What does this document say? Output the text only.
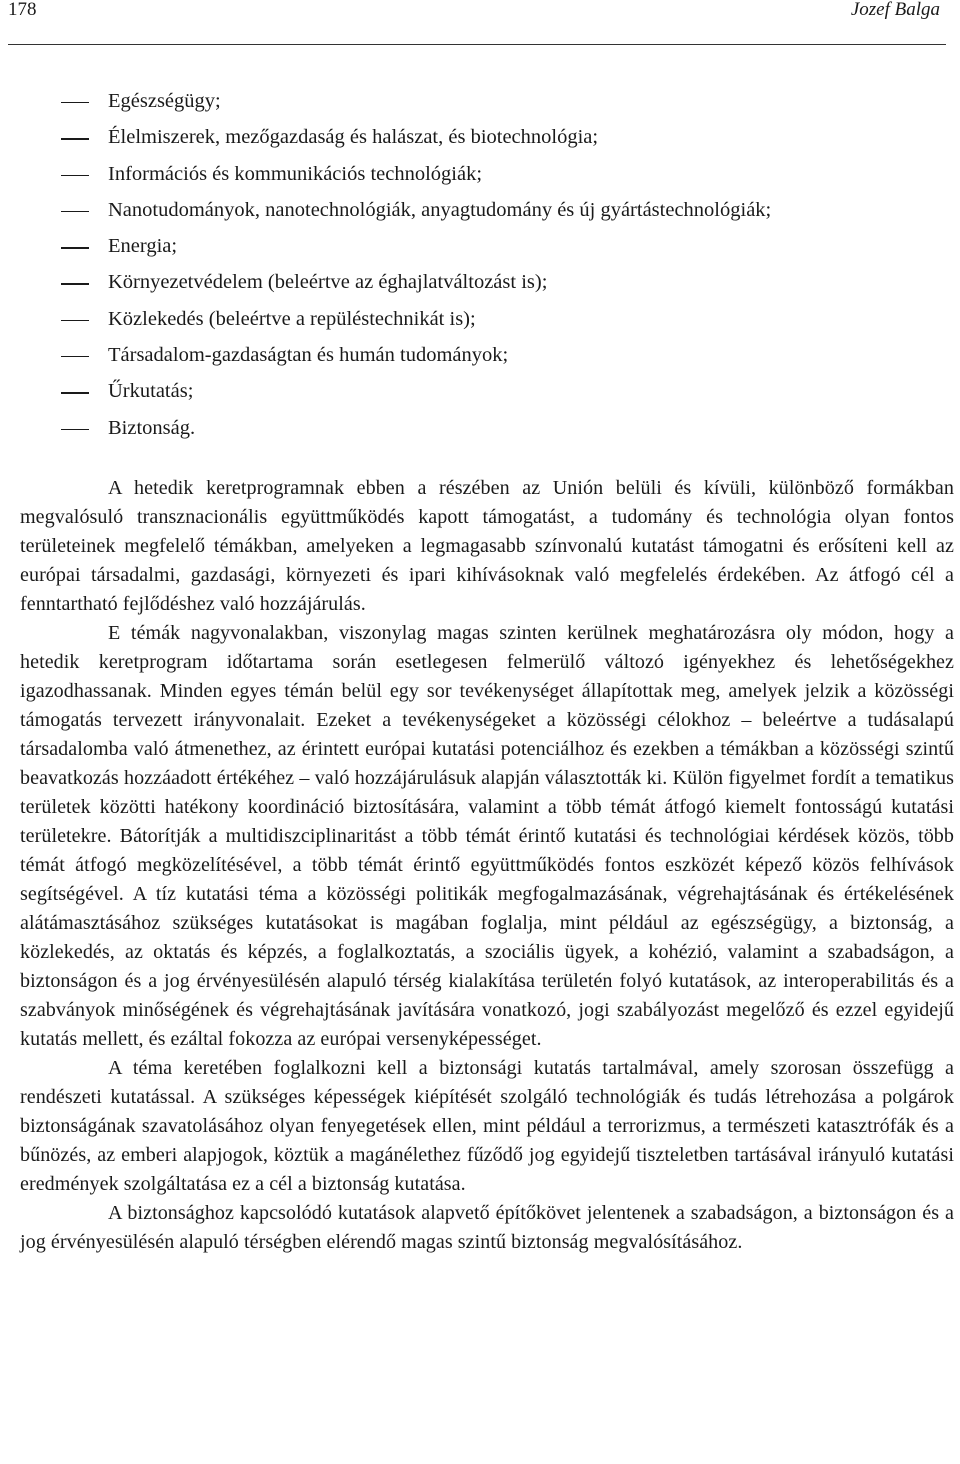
178	Jozef Balga
Egészségügy;
Élelmiszerek, mezőgazdaság és halászat, és biotechnológia;
Információs és kommunikációs technológiák;
Nanotudományok, nanotechnológiák, anyagtudomány és új gyártástechnológiák;
Energia;
Környezetvédelem (beleértve az éghajlatváltozást is);
Közlekedés (beleértve a repüléstechnikát is);
Társadalom-gazdaságtan és humán tudományok;
Űrkutatás;
Biztonság.

A hetedik keretprogramnak ebben a részében az Unión belüli és kívüli, különböző formákban megvalósuló transznacionális együttműködés kapott támogatást, a tudomány és technológia olyan fontos területeinek megfelelő témákban, amelyeken a legmagasabb színvonalú kutatást támogatni és erősíteni kell az európai társadalmi, gazdasági, környezeti és ipari kihívásoknak való megfelelés érdekében. Az átfogó cél a fenntartható fejlődéshez való hozzájárulás.

E témák nagyvonalakban, viszonylag magas szinten kerülnek meghatározásra oly módon, hogy a hetedik keretprogram időtartama során esetlegesen felmerülő változó igényekhez és lehetőségekhez igazodhassanak. Minden egyes témán belül egy sor tevékenységet állapítottak meg, amelyek jelzik a közösségi támogatás tervezett irányvonalait. Ezeket a tevékenységeket a közösségi célokhoz – beleértve a tudásalapú társadalomba való átmenethez, az érintett európai kutatási potenciálhoz és ezekben a témákban a közösségi szintű beavatkozás hozzáadott értékéhez – való hozzájárulásuk alapján választották ki. Külön figyelmet fordít a tematikus területek közötti hatékony koordináció biztosítására, valamint a több témát átfogó kiemelt fontosságú kutatási területekre. Bátorítják a multidiszciplinaritást a több témát érintő kutatási és technológiai kérdések közös, több témát átfogó megközelítésével, a több témát érintő együttműködés fontos eszközét képező közös felhívások segítségével. A tíz kutatási téma a közösségi politikák megfogalmazásának, végrehajtásának és értékelésének alátámasztásához szükséges kutatásokat is magában foglalja, mint például az egészségügy, a biztonság, a közlekedés, az oktatás és képzés, a foglalkoztatás, a szociális ügyek, a kohézió, valamint a szabadságon, a biztonságon és a jog érvényesülésén alapuló térség kialakítása területén folyó kutatások, az interoperabilitás és a szabványok minőségének és végrehajtásának javítására vonatkozó, jogi szabályozást megelőző és ezzel egyidejű kutatás mellett, és ezáltal fokozza az európai versenyképességet.

A téma keretében foglalkozni kell a biztonsági kutatás tartalmával, amely szorosan összefügg a rendészeti kutatással. A szükséges képességek kiépítését szolgáló technológiák és tudás létrehozása a polgárok biztonságának szavatolásához olyan fenyegetések ellen, mint például a terrorizmus, a természeti katasztrófák és a bűnözés, az emberi alapjogok, köztük a magánélethez fűződő jog egyidejű tiszteletben tartásával irányuló kutatási eredmények szolgáltatása ez a cél a biztonság kutatása.

A biztonsághoz kapcsolódó kutatások alapvető építőkövet jelentenek a szabadságon, a biztonságon és a jog érvényesülésén alapuló térségben elérendő magas szintű biztonság megvalósításához.
